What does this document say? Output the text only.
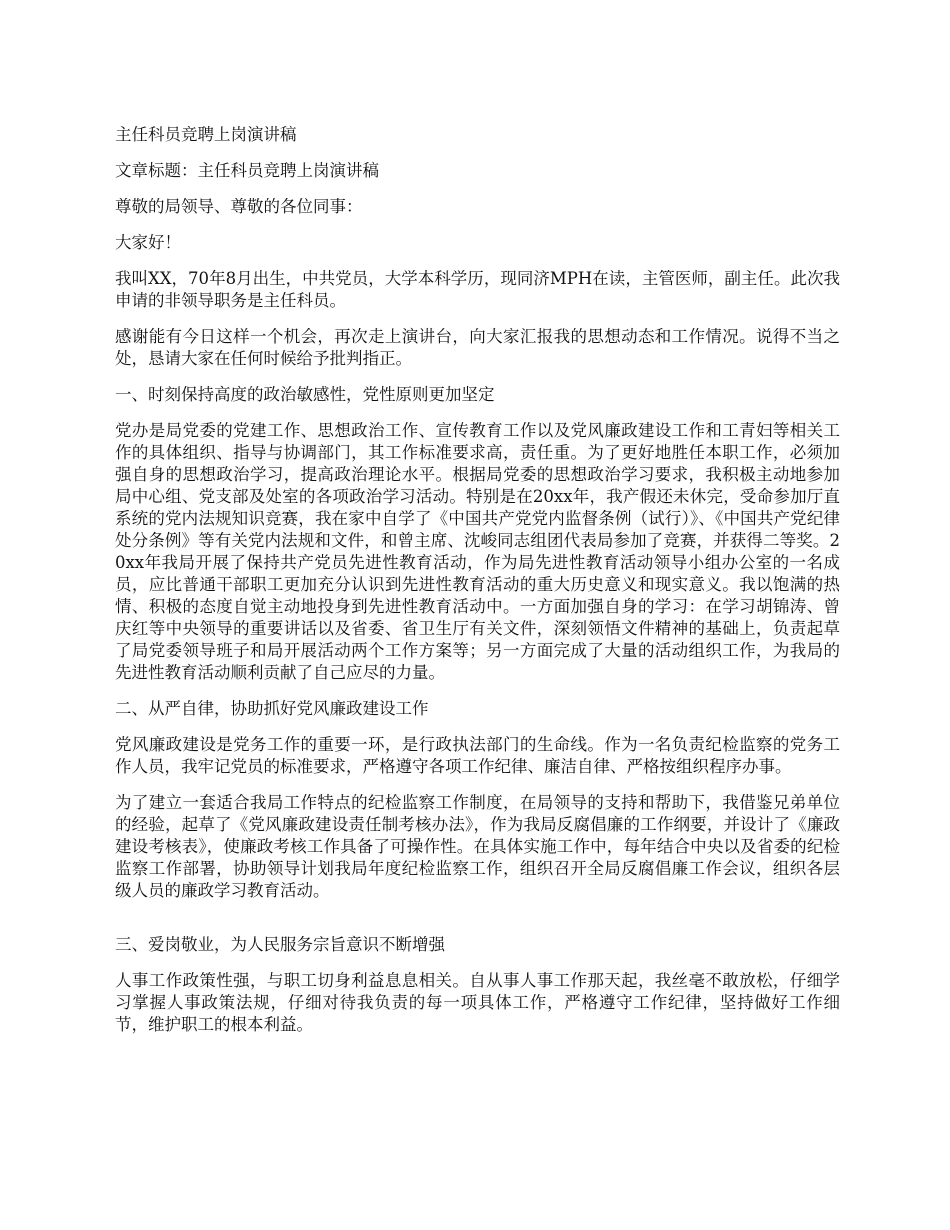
主任科员竞聘上岗演讲稿

文章标题：主任科员竞聘上岗演讲稿

尊敬的局领导、尊敬的各位同事：

大家好！

我叫XX，70年8月出生，中共党员，大学本科学历，现同济MPH在读，主管医师，副主任。此次我申请的非领导职务是主任科员。

感谢能有今日这样一个机会，再次走上演讲台，向大家汇报我的思想动态和工作情况。说得不当之处，恳请大家在任何时候给予批判指正。

一、时刻保持高度的政治敏感性，党性原则更加坚定

党办是局党委的党建工作、思想政治工作、宣传教育工作以及党风廉政建设工作和工青妇等相关工作的具体组织、指导与协调部门，其工作标准要求高，责任重。为了更好地胜任本职工作，必须加强自身的思想政治学习，提高政治理论水平。根据局党委的思想政治学习要求，我积极主动地参加局中心组、党支部及处室的各项政治学习活动。特别是在20xx年，我产假还未休完，受命参加厅直系统的党内法规知识竞赛，我在家中自学了《中国共产党党内监督条例（试行）》、《中国共产党纪律处分条例》等有关党内法规和文件，和曾主席、沈峻同志组团代表局参加了竞赛，并获得二等奖。20xx年我局开展了保持共产党员先进性教育活动，作为局先进性教育活动领导小组办公室的一名成员，应比普通干部职工更加充分认识到先进性教育活动的重大历史意义和现实意义。我以饱满的热情、积极的态度自觉主动地投身到先进性教育活动中。一方面加强自身的学习：在学习胡锦涛、曾庆红等中央领导的重要讲话以及省委、省卫生厅有关文件，深刻领悟文件精神的基础上，负责起草了局党委领导班子和局开展活动两个工作方案等；另一方面完成了大量的活动组织工作，为我局的先进性教育活动顺利贡献了自己应尽的力量。

二、从严自律，协助抓好党风廉政建设工作

党风廉政建设是党务工作的重要一环，是行政执法部门的生命线。作为一名负责纪检监察的党务工作人员，我牢记党员的标准要求，严格遵守各项工作纪律、廉洁自律、严格按组织程序办事。

为了建立一套适合我局工作特点的纪检监察工作制度，在局领导的支持和帮助下，我借鉴兄弟单位的经验，起草了《党风廉政建设责任制考核办法》，作为我局反腐倡廉的工作纲要，并设计了《廉政建设考核表》，使廉政考核工作具备了可操作性。在具体实施工作中，每年结合中央以及省委的纪检监察工作部署，协助领导计划我局年度纪检监察工作，组织召开全局反腐倡廉工作会议，组织各层级人员的廉政学习教育活动。

三、爱岗敬业，为人民服务宗旨意识不断增强

人事工作政策性强，与职工切身利益息息相关。自从事人事工作那天起，我丝毫不敢放松，仔细学习掌握人事政策法规，仔细对待我负责的每一项具体工作，严格遵守工作纪律，坚持做好工作细节，维护职工的根本利益。
